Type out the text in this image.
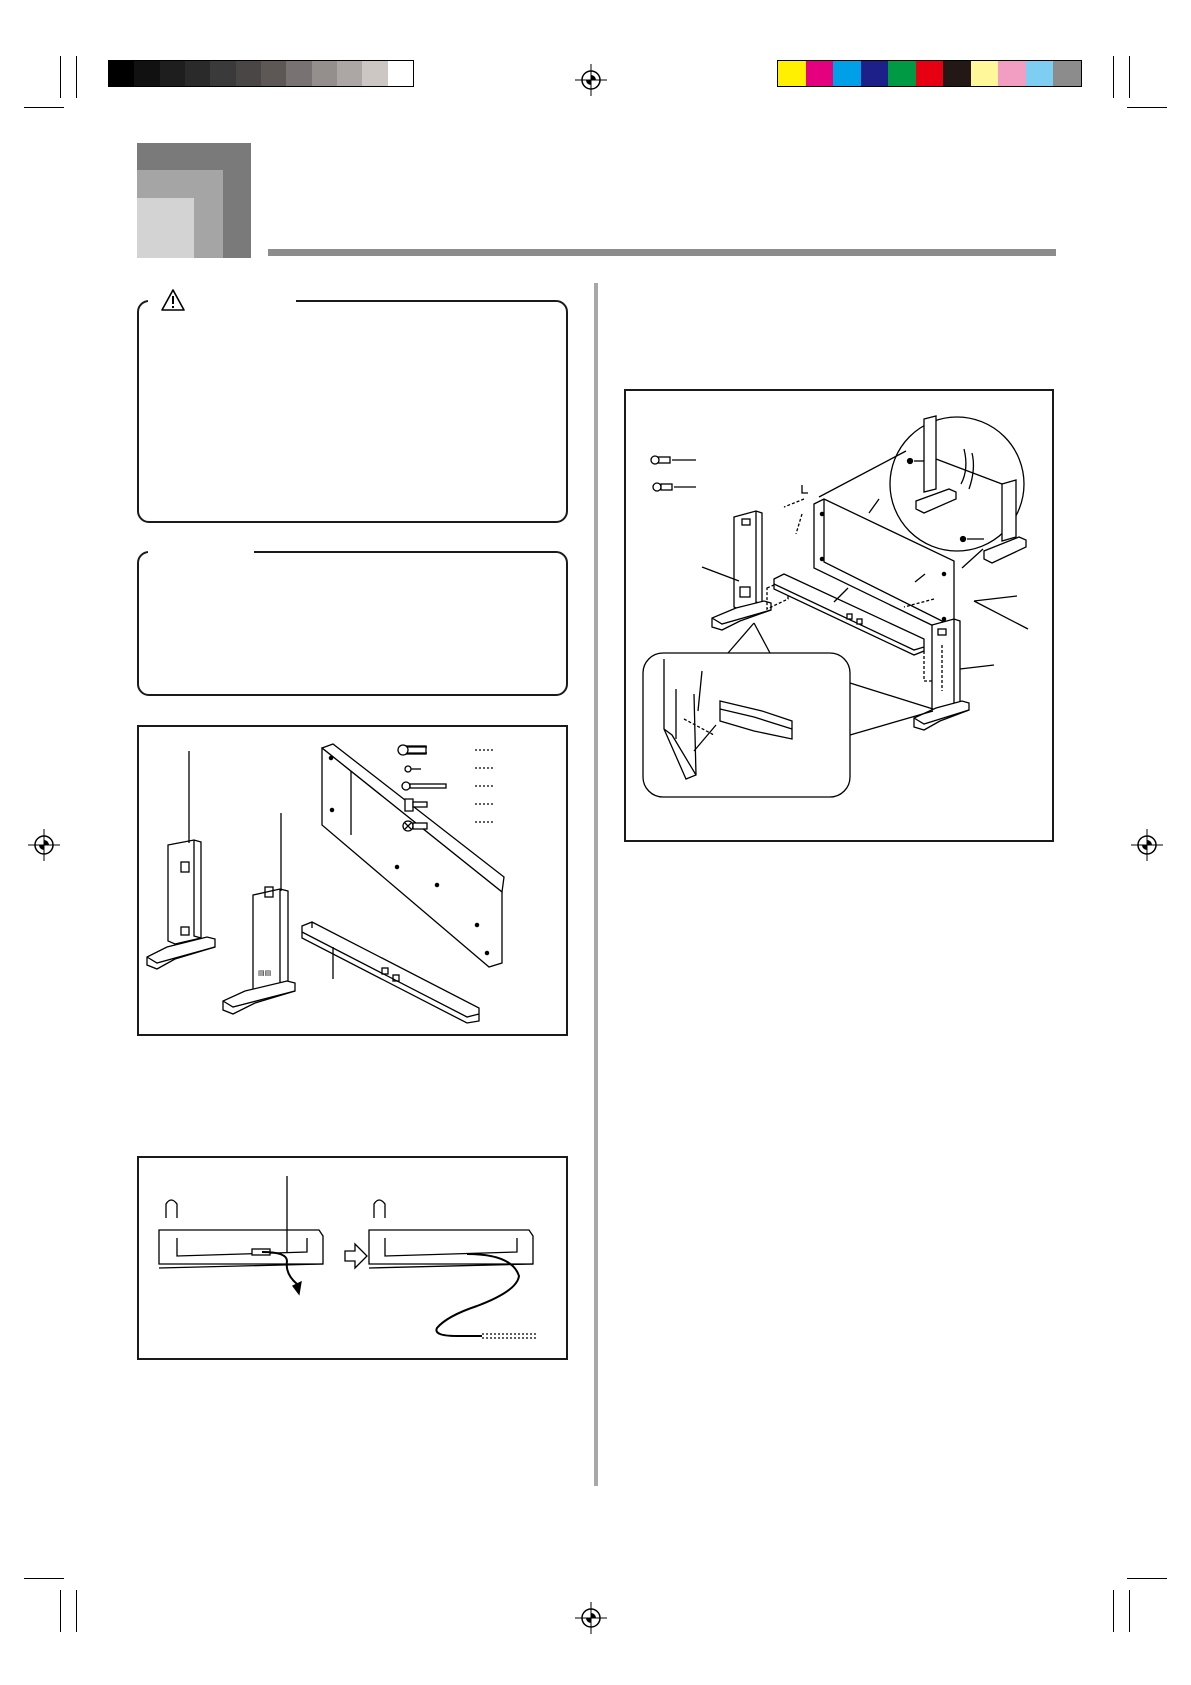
▤▤
